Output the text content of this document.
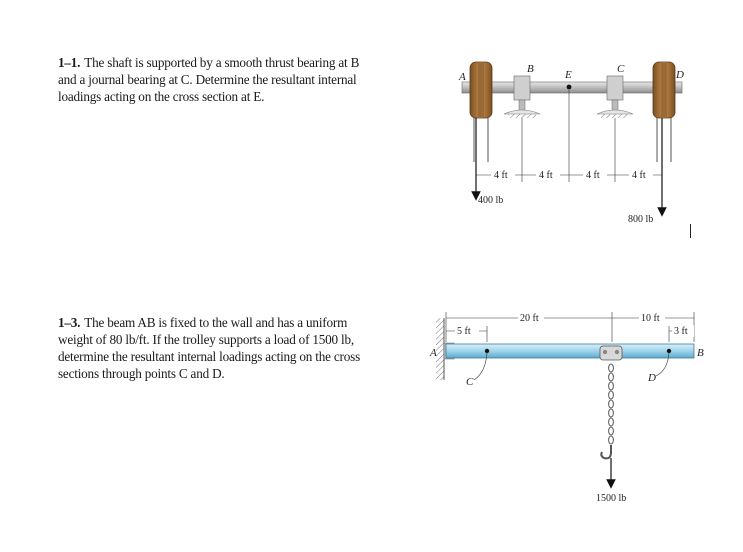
1–1. The shaft is supported by a smooth thrust bearing at B
and a journal bearing at C. Determine the resultant internal
loadings acting on the cross section at E.
1–3. The beam AB is fixed to the wall and has a uniform
weight of 80 lb/ft. If the trolley supports a load of 1500 lb,
determine the resultant internal loadings acting on the cross
sections through points C and D.
A
B	E	C	D
4 ft	4 ft	4 ft	4 ft
400 lb
800 lb
20 ft	10 ft
5 ft	3 ft
A	B
C	D
1500 lb
